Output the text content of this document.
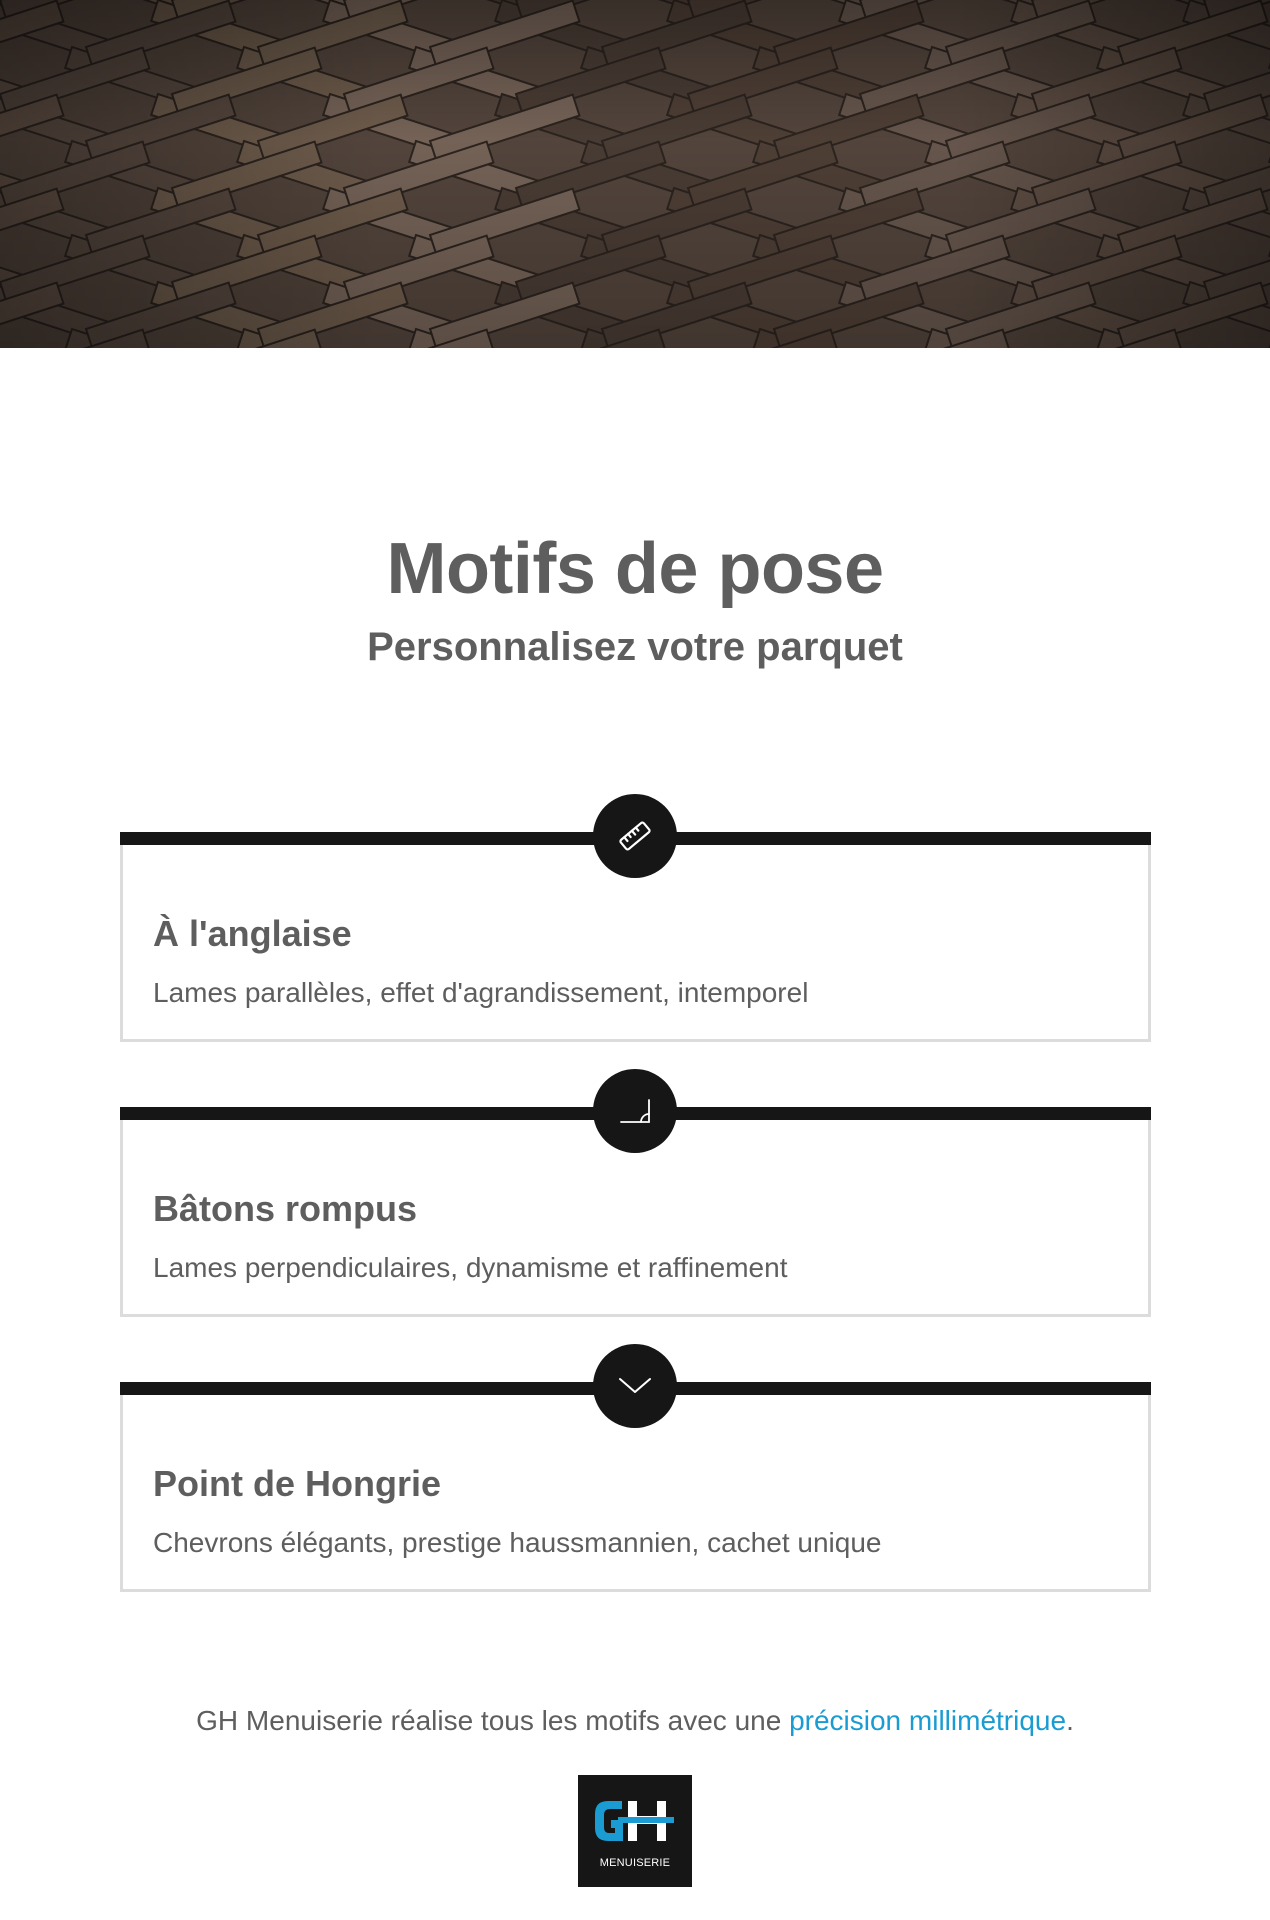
Motifs de pose
Personnalisez votre parquet
À l'anglaise
Lames parallèles, effet d'agrandissement, intemporel
Bâtons rompus
Lames perpendiculaires, dynamisme et raffinement
Point de Hongrie
Chevrons élégants, prestige haussmannien, cachet unique

GH Menuiserie réalise tous les motifs avec une précision millimétrique.

MENUISERIE
